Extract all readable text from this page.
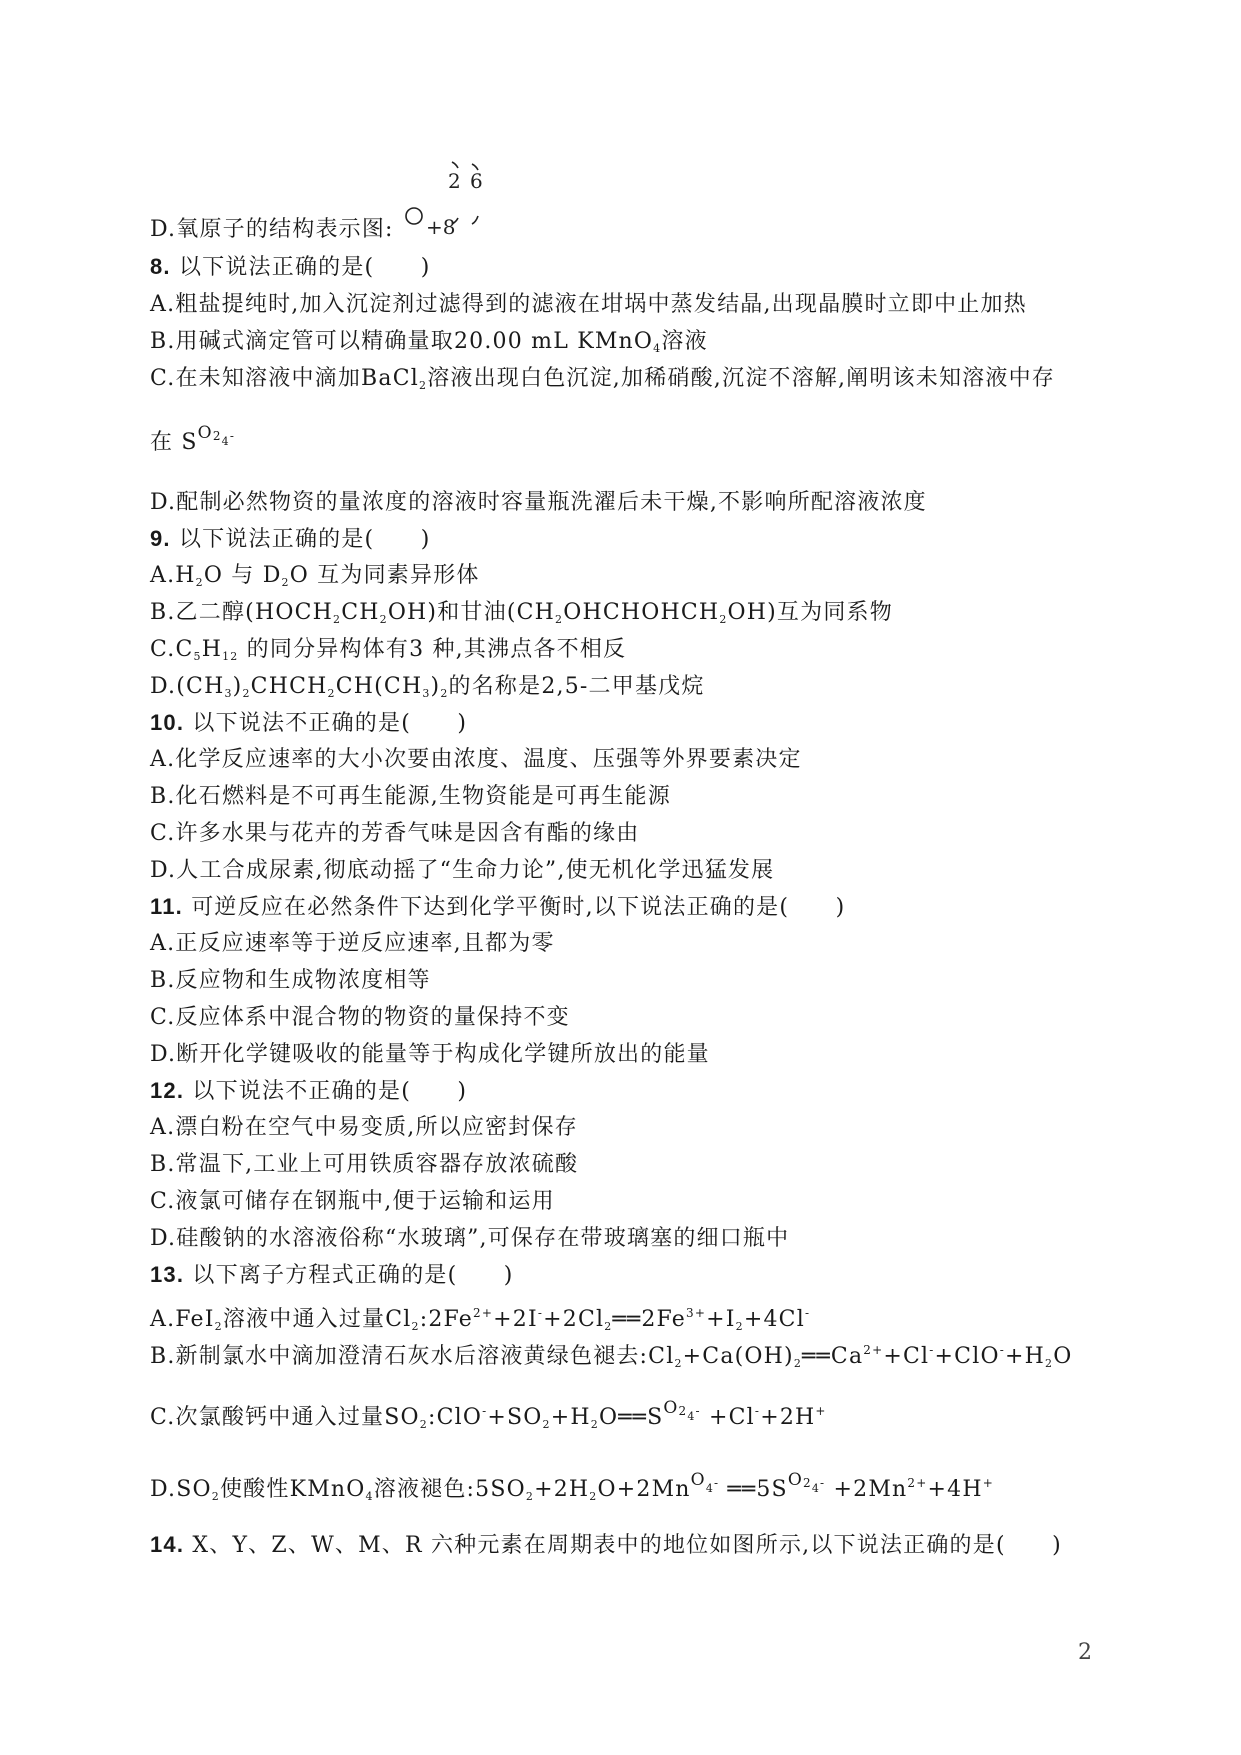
D.氧原子的结构表示图: +8
2 6
8. 以下说法正确的是(　　)
A.粗盐提纯时,加入沉淀剂过滤得到的滤液在坩埚中蒸发结晶,出现晶膜时立即中止加热
B.用碱式滴定管可以精确量取20.00 mL KMnO$_4$溶液
C.在未知溶液中滴加BaCl$_2$溶液出现白色沉淀,加稀硝酸,沉淀不溶解,阐明该未知溶液中存
在 $S^{O24-}$
D.配制必然物资的量浓度的溶液时容量瓶洗濯后未干燥,不影响所配溶液浓度
9. 以下说法正确的是(　　)
$A.H_2O$ 与 $D_2O$ 互为同素异形体
B.乙二醇$(HOCH_2CH_2OH)$和甘油$(CH_2OHCHOHCH_2OH)$互为同系物
$C.C_5H_{12}$ 的同分异构体有3 种,其沸点各不相反
$D.(CH_3)_2CHCH_2CH(CH_3)_2$的名称是2,5-二甲基戊烷
10. 以下说法不正确的是(　　)
A.化学反应速率的大小次要由浓度、温度、压强等外界要素决定
B.化石燃料是不可再生能源,生物资能是可再生能源
C.许多水果与花卉的芳香气味是因含有酯的缘由
D.人工合成尿素,彻底动摇了“生命力论”,使无机化学迅猛发展
11. 可逆反应在必然条件下达到化学平衡时,以下说法正确的是(　　)
A.正反应速率等于逆反应速率,且都为零
B.反应物和生成物浓度相等
C.反应体系中混合物的物资的量保持不变
D.断开化学键吸收的能量等于构成化学键所放出的能量
12. 以下说法不正确的是(　　)
A.漂白粉在空气中易变质,所以应密封保存
B.常温下,工业上可用铁质容器存放浓硫酸
C.液氯可储存在钢瓶中,便于运输和运用
D.硅酸钠的水溶液俗称“水玻璃”,可保存在带玻璃塞的细口瓶中
13. 以下离子方程式正确的是(　　)
A.FeI$_2$溶液中通入过量$Cl_2:2Fe^{2+}+2I^-+2Cl_2══2Fe^{3+}+I_2+4Cl^-$
B.新制氯水中滴加澄清石灰水后溶液黄绿色褪去$:Cl_2+Ca(OH)_2══Ca^{2+}+Cl^-+ClO^-+H_2O$
C.次氯酸钙中通入过量$SO_2:ClO^-+SO_2+H_2O══S^{O24-} +Cl^-+2H^+$
$D.SO_2$使酸性KMnO$_4$溶液褪色$:5SO_2+2H_2O+2Mn^{O4-}$ $══5S^{O24-} +2Mn^{2+}+4H^+$
14. X、Y、Z、W、M、R 六种元素在周期表中的地位如图所示,以下说法正确的是(　　)
2
